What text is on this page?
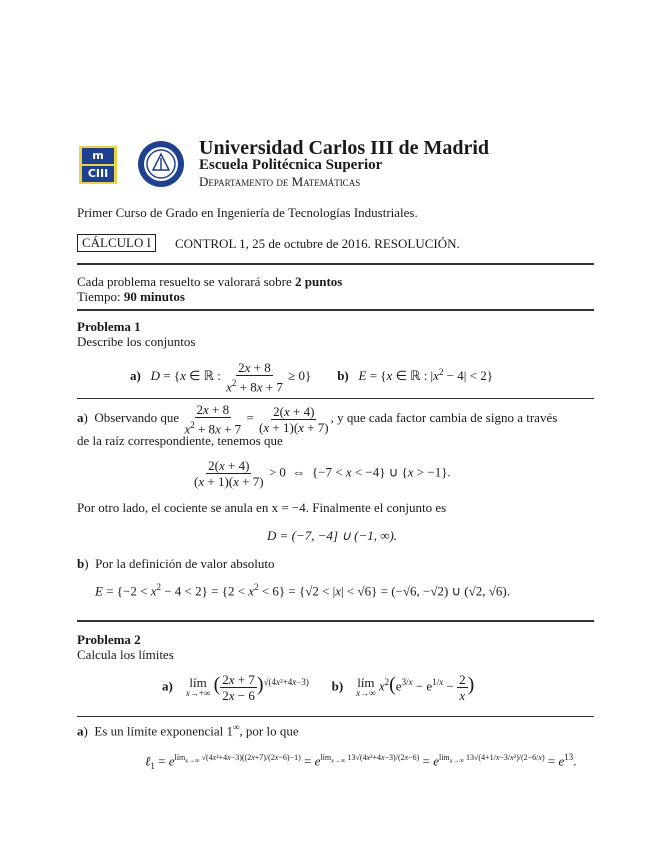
m
CIII
Universidad Carlos III de Madrid
Escuela Politécnica Superior
Departamento de Matemáticas
Primer Curso de Grado en Ingeniería de Tecnologías Industriales.
CÁLCULO I	CONTROL 1, 25 de octubre de 2016. RESOLUCIÓN.
Cada problema resuelto se valorará sobre 2 puntos
Tiempo: 90 minutos
Problema 1
Describe los conjuntos
a) D = {x ∈ ℝ : $\frac{2x + 8}{x^2 + 8x + 7} \ge 0$}        b) E = {x ∈ ℝ : $|x^2 - 4| < 2$}
a)  Observando que $\frac{2x + 8}{x^2 + 8x + 7} = \frac{2(x + 4)}{(x + 1)(x + 7)}$ , y que cada factor cambia de signo a través
de la raíz correspondiente, tenemos que
$\frac{2(x + 4)}{(x + 1)(x + 7)} > 0$  ⇔  {−7 < x < −4} ∪ {x > −1}.
Por otro lado, el cociente se anula en x = −4. Finalmente el conjunto es
D = (−7, −4] ∪ (−1, ∞).
b)  Por la definición de valor absoluto
$E = \{-2 < x^2 - 4 < 2\} = \{2 < x^2 < 6\} = \{√2 < |x| < √6\} = (-√6$, −√2) ∪ (√2, √6).
Problema 2
Calcula los límites
a) lím
x→+∞ ( $\frac{2x + 7}{2x - 6} )^{√(4x^2+4x-3)}$ b) lím
x→∞ $x^2(e^{3/x} - e^{1/x} - \frac{2}{x}$ )
a)  Es un límite exponencial 1∞, por lo que
ℓ$_1$ = $e^{lím_{x\to\infty} √(4x^2+4x-3)((2x+7)/(2x-6)-1)} = e^{lím_{x\to\infty} 13√(4x^2+4x-3)/(2x-6)} = e^{lím_{x\to\infty} 13√(4+1/x-3/x^2)/(2-6/x)} = e^{13}$.
